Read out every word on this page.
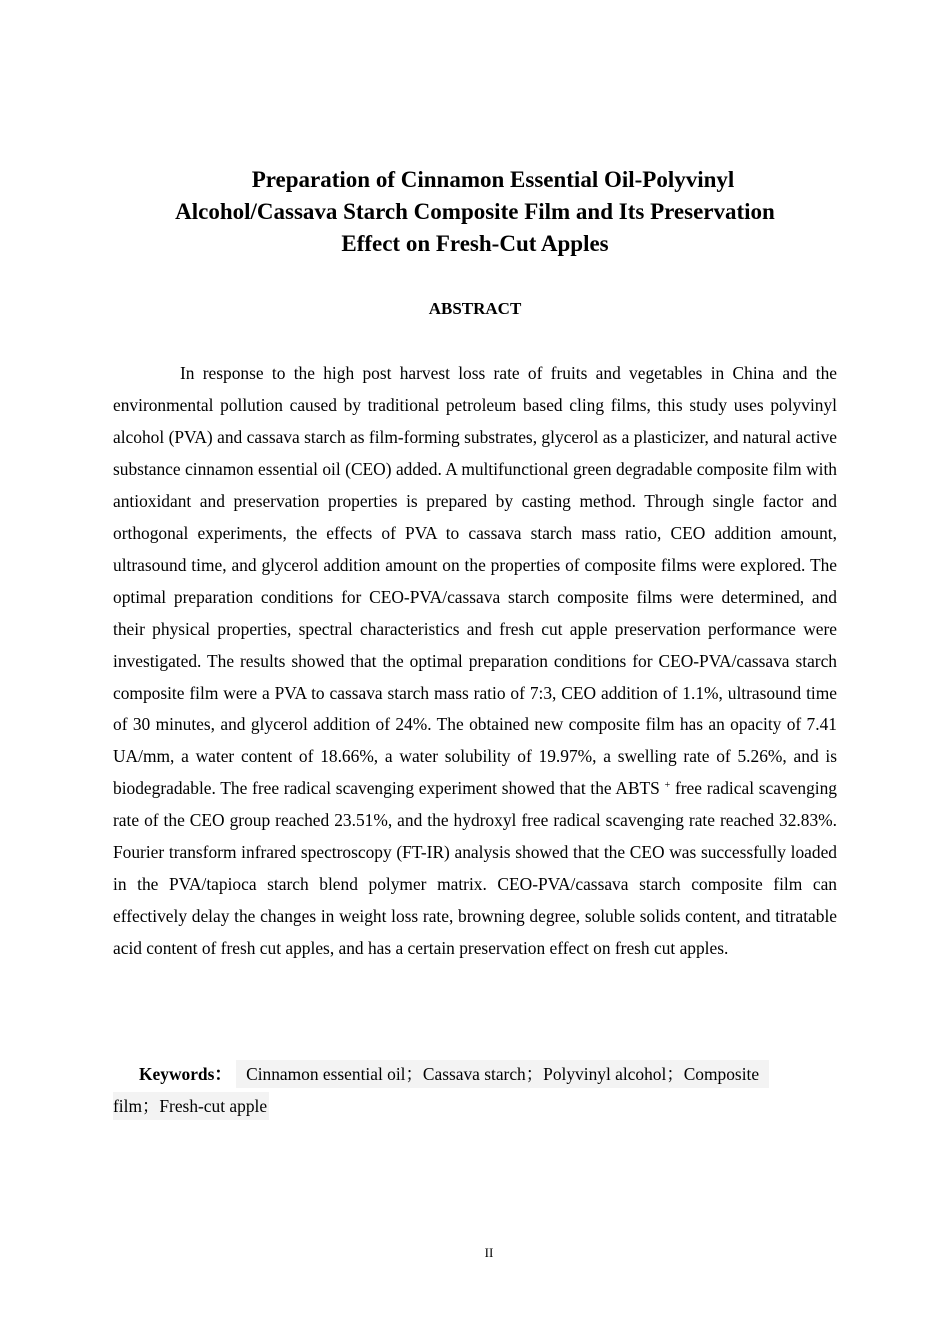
Preparation of Cinnamon Essential Oil-Polyvinyl
Alcohol/Cassava Starch Composite Film and Its Preservation
Effect on Fresh-Cut Apples
ABSTRACT

In response to the high post harvest loss rate of fruits and vegetables in China and the environmental pollution caused by traditional petroleum based cling films, this study uses polyvinyl alcohol (PVA) and cassava starch as film-forming substrates, glycerol as a plasticizer, and natural active substance cinnamon essential oil (CEO) added. A multifunctional green degradable composite film with antioxidant and preservation properties is prepared by casting method. Through single factor and orthogonal experiments, the effects of PVA to cassava starch mass ratio, CEO addition amount, ultrasound time, and glycerol addition amount on the properties of composite films were explored. The optimal preparation conditions for CEO-PVA/cassava starch composite films were determined, and their physical properties, spectral characteristics and fresh cut apple preservation performance were investigated. The results showed that the optimal preparation conditions for CEO-PVA/cassava starch composite film were a PVA to cassava starch mass ratio of 7:3, CEO addition of 1.1%, ultrasound time of 30 minutes, and glycerol addition of 24%. The obtained new composite film has an opacity of 7.41 UA/mm, a water content of 18.66%, a water solubility of 19.97%, a swelling rate of 5.26%, and is biodegradable. The free radical scavenging experiment showed that the ABTS + free radical scavenging rate of the CEO group reached 23.51%, and the hydroxyl free radical scavenging rate reached 32.83%. Fourier transform infrared spectroscopy (FT-IR) analysis showed that the CEO was successfully loaded in the PVA/tapioca starch blend polymer matrix. CEO-PVA/cassava starch composite film can effectively delay the changes in weight loss rate, browning degree, soluble solids content, and titratable acid content of fresh cut apples, and has a certain preservation effect on fresh cut apples.

Keywords： Cinnamon essential oil；Cassava starch；Polyvinyl alcohol；Composite
film；Fresh-cut apple

II
